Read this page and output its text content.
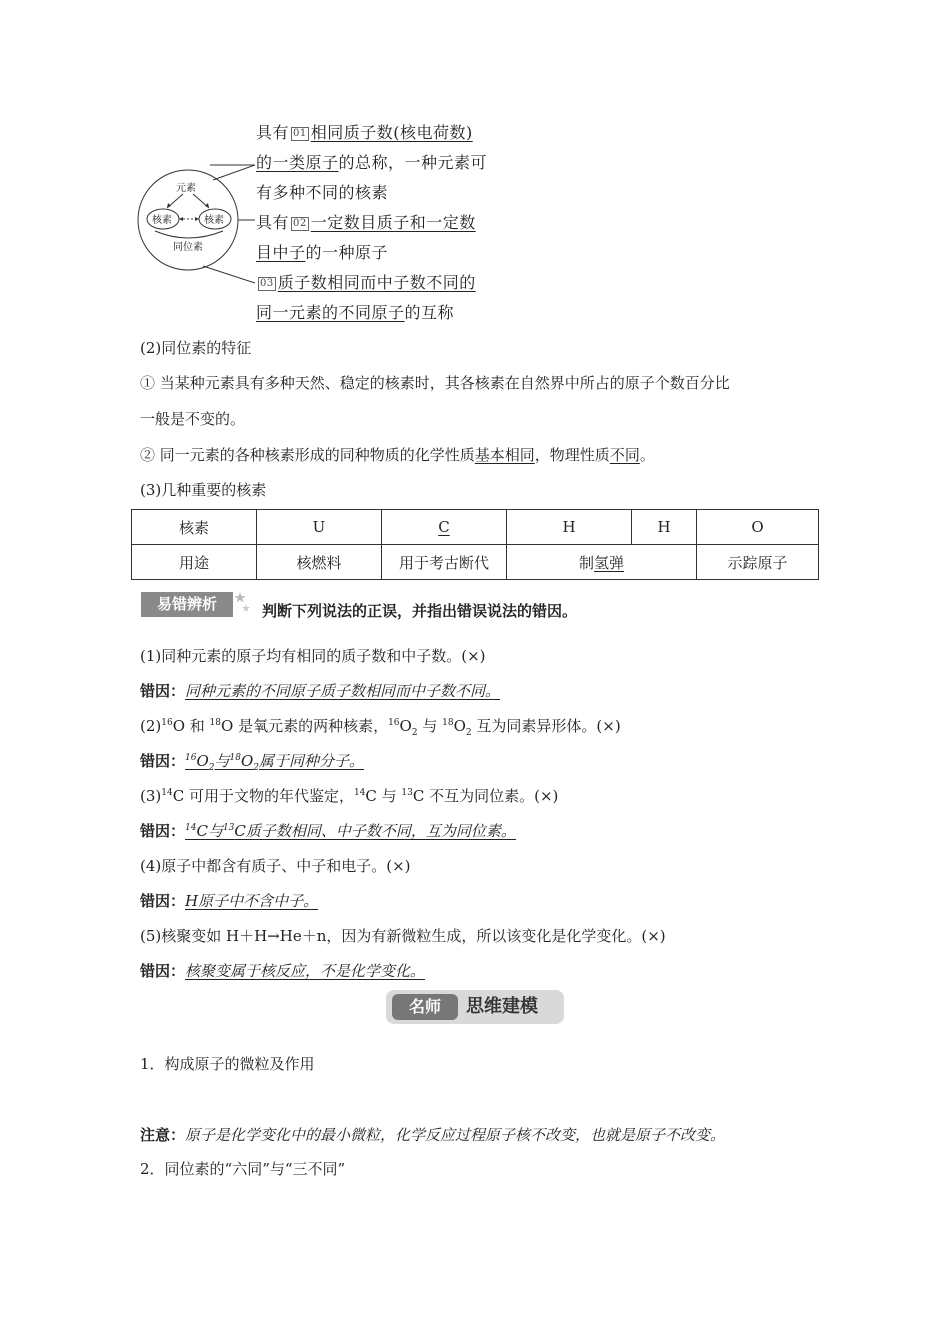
元素
核素	核素
同位素
具有 01 相同质子数(核电荷数)
的一类原子的总称，一种元素可
有多种不同的核素
具有 02 一定数目质子和一定数
目中子的一种原子
03 质子数相同而中子数不同的
同一元素的不同原子的互称
(2)同位素的特征
① 当某种元素具有多种天然、稳定的核素时，其各核素在自然界中所占的原子个数百分比
一般是不变的。
② 同一元素的各种核素形成的同种物质的化学性质基本相同，物理性质不同。
(3)几种重要的核素
核素	U	C	H	H	O
用途	核燃料	用于考古断代	制氢弹		示踪原子
易错辨析	判断下列说法的正误，并指出错误说法的错因。
(1)同种元素的原子均有相同的质子数和中子数。(×)
错因：同种元素的不同原子质子数相同而中子数不同。
$(2)^{16}O$ 和 $^{18}$O 是氧元素的两种核素，$^{16}O_2$ 与 $^{18}O_2$ 互为同素异形体。(×)
错因：$^{16}O_2$与$^{18}O_2$属于同种分子。
$(3)^{14}C$ 可用于文物的年代鉴定，$^{14}$C 与 $^{13}$C 不互为同位素。(×)
错因：$^{14}$C与$^{13}$C质子数相同、中子数不同，互为同位素。
(4)原子中都含有质子、中子和电子。(×)
错因：H原子中不含中子。
(5)核聚变如 H＋H→He＋n，因为有新微粒生成，所以该变化是化学变化。(×)
错因：核聚变属于核反应，不是化学变化。
名师	思维建模
1．构成原子的微粒及作用
注意：原子是化学变化中的最小微粒，化学反应过程原子核不改变，也就是原子不改变。
2．同位素的“六同”与“三不同”
